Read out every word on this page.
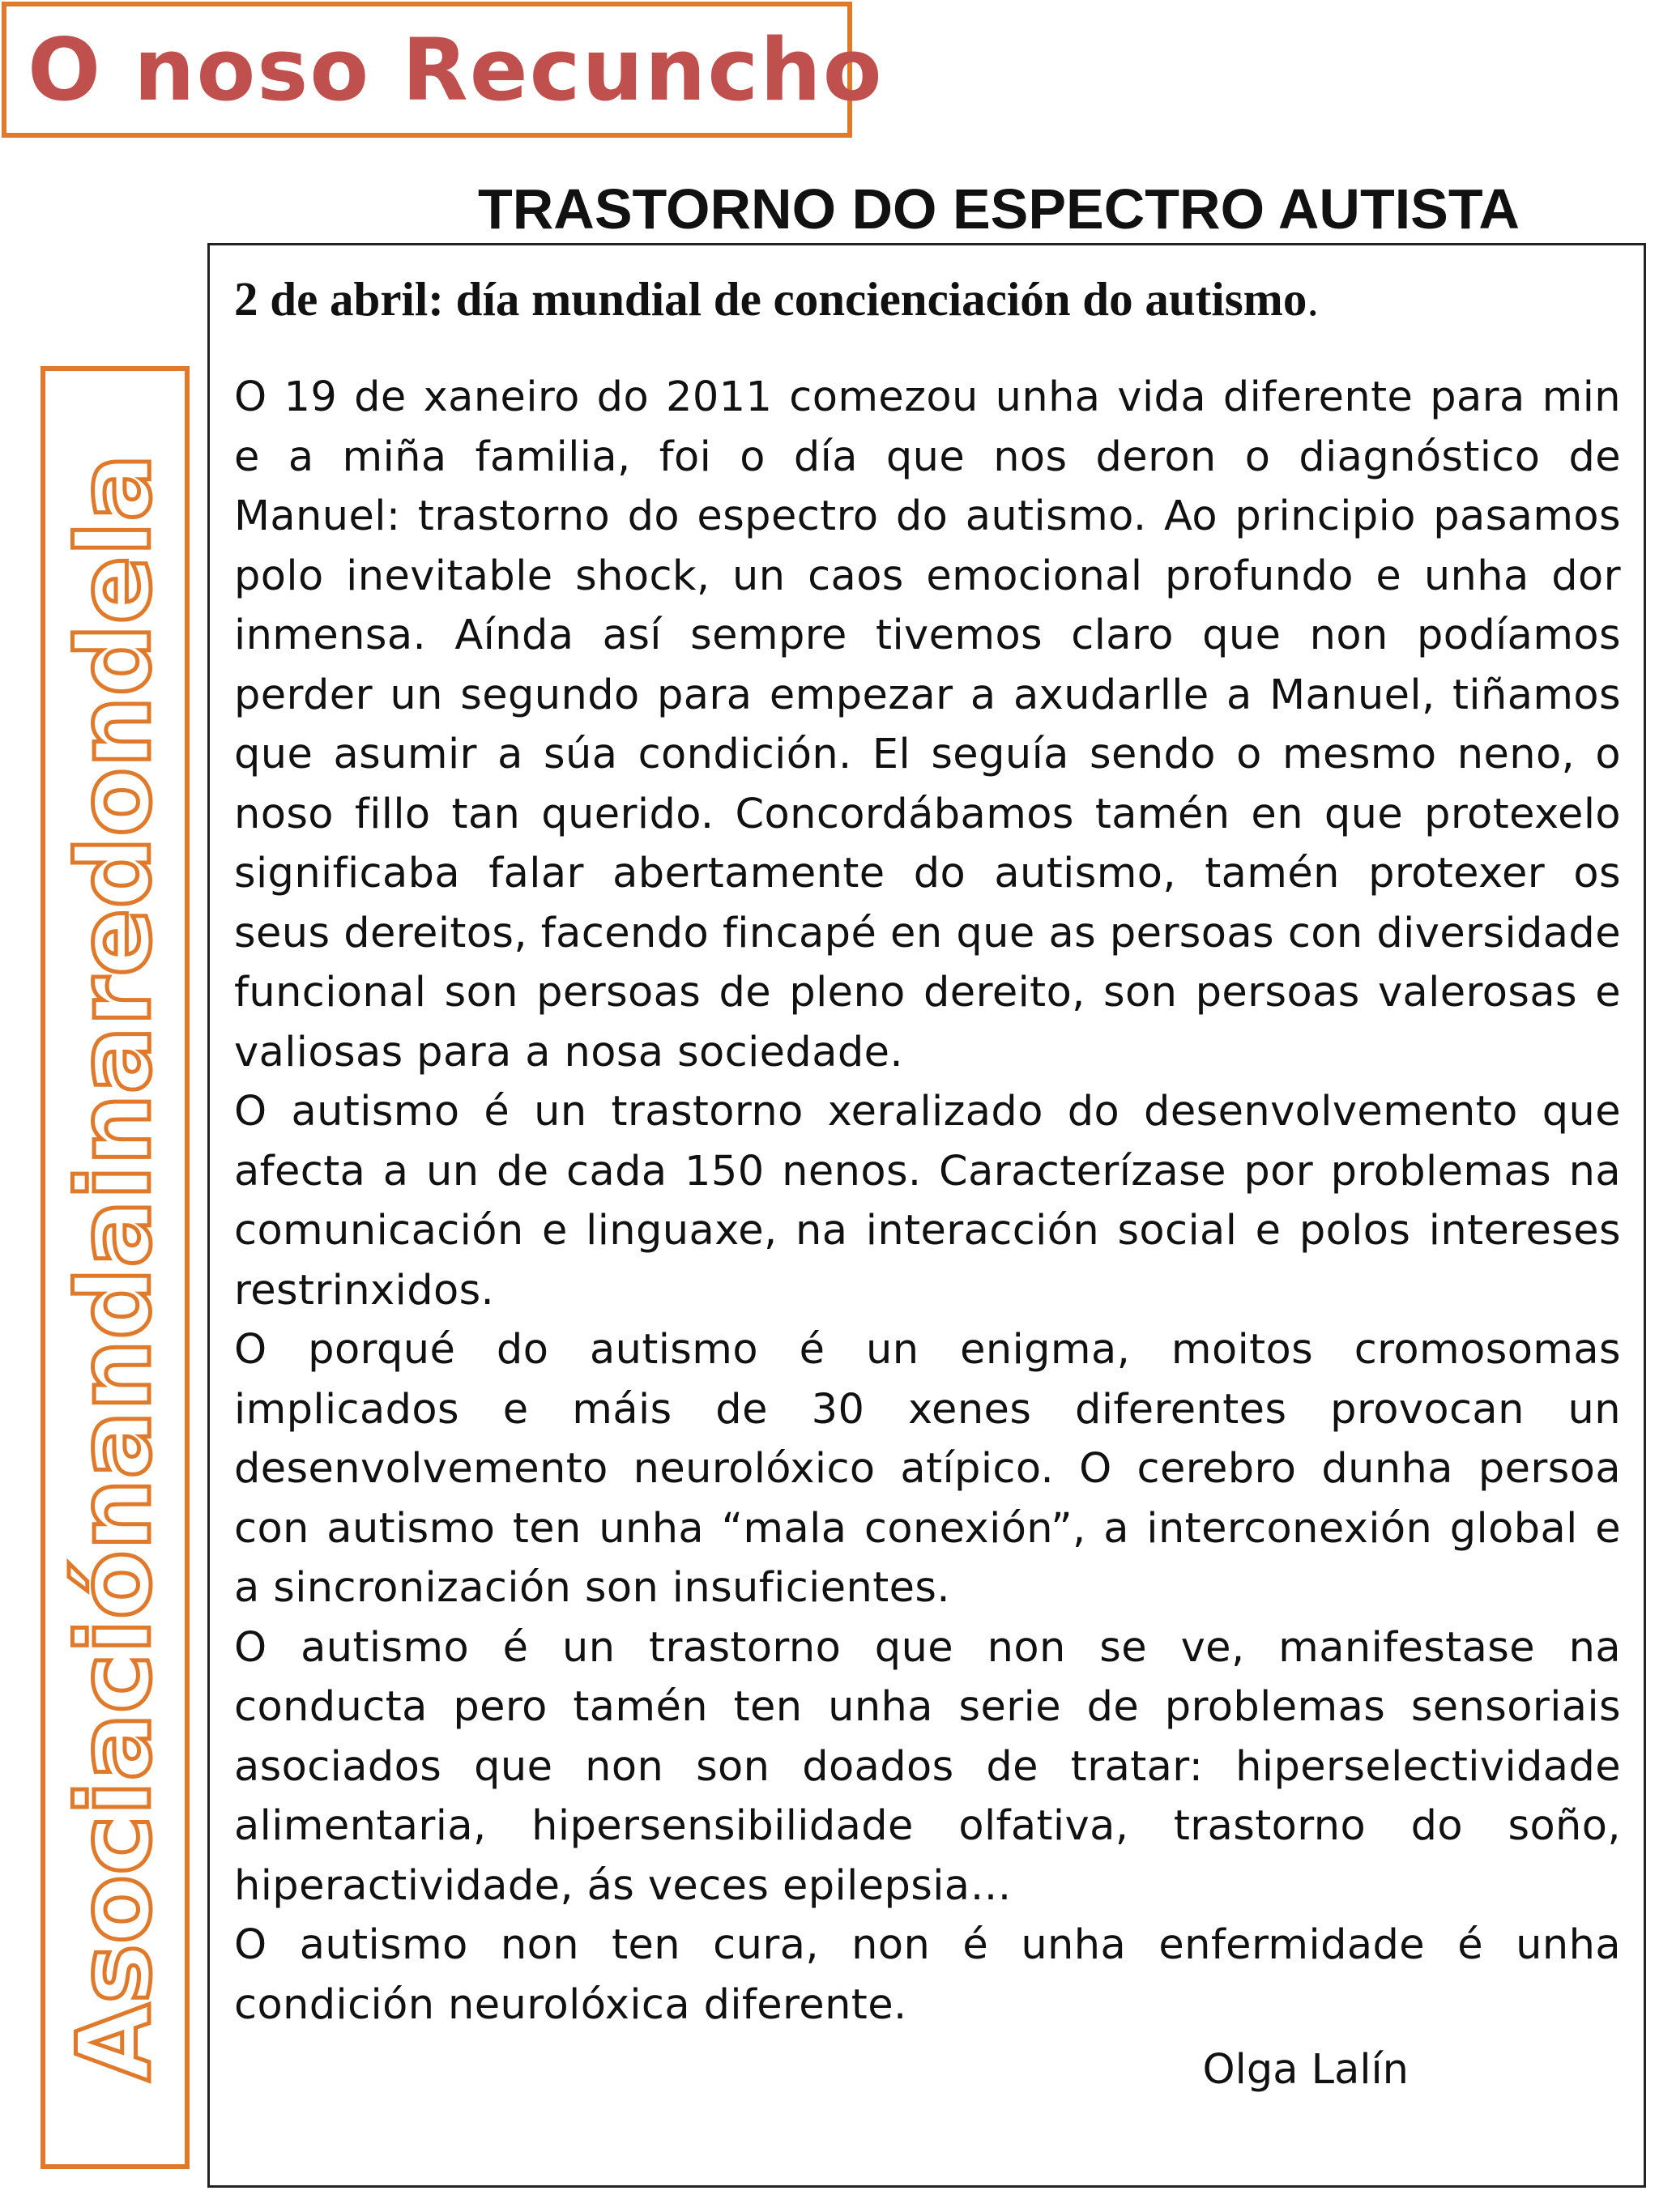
O noso Recuncho
TRASTORNO DO ESPECTRO AUTISTA
Asociaciónandainaredondela
2 de abril: día mundial de concienciación do autismo.

O 19 de xaneiro do 2011 comezou unha vida diferente para min e a miña familia, foi o día que nos deron o diagnóstico de Manuel: trastorno do espectro do autismo. Ao principio pasamos polo inevitable shock, un caos emocional profundo e unha dor inmensa. Aínda así sempre tivemos claro que non podíamos perder un segundo para empezar a axudarlle a Manuel, tiñamos que asumir a súa condición. El seguía sendo o mesmo neno, o noso fillo tan querido. Concordábamos tamén en que protexelo significaba falar abertamente do autismo, tamén protexer os seus dereitos, facendo fincapé en que as persoas con diversidade funcional son persoas de pleno dereito, son persoas valerosas e valiosas para a nosa sociedade.

O autismo é un trastorno xeralizado do desenvolvemento que afecta a un de cada 150 nenos. Caracterízase por problemas na comunicación e linguaxe, na interacción social e polos intereses restrinxidos.

O porqué do autismo é un enigma, moitos cromosomas implicados e máis de 30 xenes diferentes provocan un desenvolvemento neurolóxico atípico. O cerebro dunha persoa con autismo ten unha “mala conexión”, a interconexión global e a sincronización son insuficientes.

O autismo é un trastorno que non se ve, manifestase na conducta pero tamén ten unha serie de problemas sensoriais asociados que non son doados de tratar: hiperselectividade alimentaria, hipersensibilidade olfativa, trastorno do soño, hiperactividade, ás veces epilepsia…

O autismo non ten cura, non é unha enfermidade é unha condición neurolóxica diferente.

Olga Lalín
